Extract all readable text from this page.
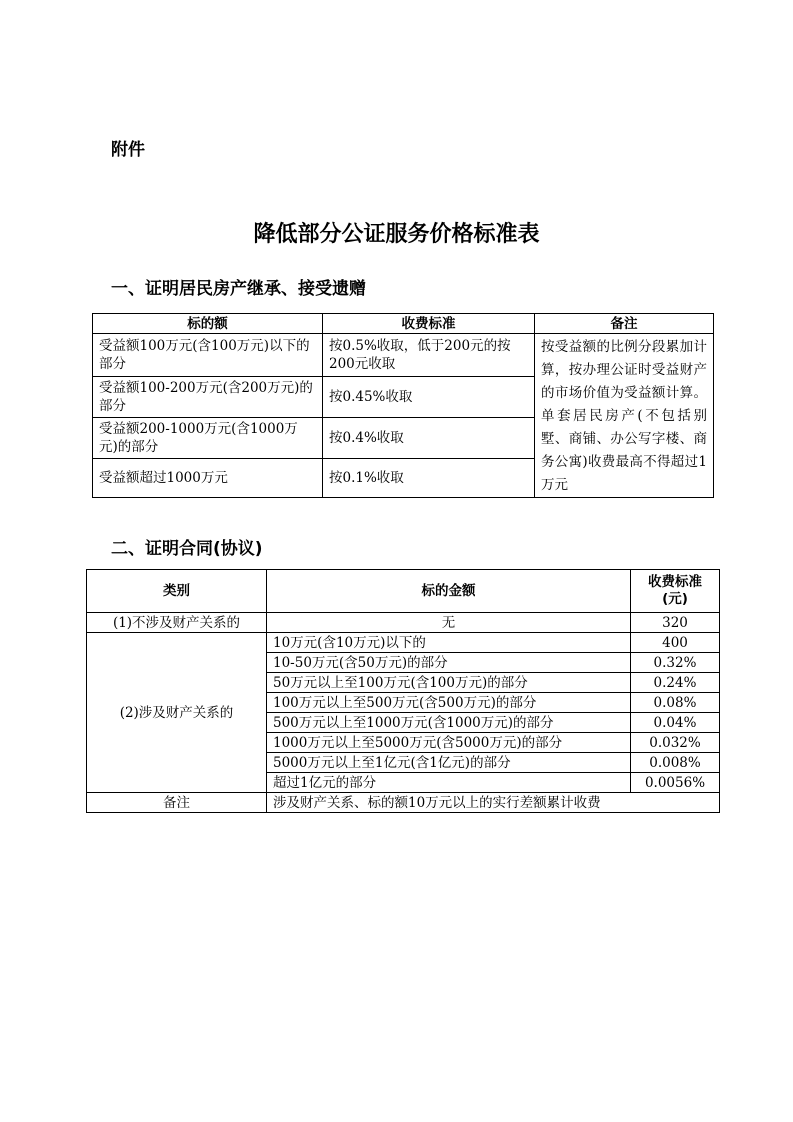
附件
降低部分公证服务价格标准表
一、证明居民房产继承、接受遗赠
标的额	收费标准	备注
受益额100万元(含100万元)以下的部分	按0.5%收取，低于200元的按200元收取	按受益额的比例分段累加计算，按办理公证时受益财产的市场价值为受益额计算。单套居民房产(不包括别墅、商铺、办公写字楼、商务公寓)收费最高不得超过1万元
受益额100-200万元(含200万元)的部分	按0.45%收取	
受益额200-1000万元(含1000万元)的部分	按0.4%收取	
受益额超过1000万元	按0.1%收取	
二、证明合同(协议)
类别	标的金额	收费标准(元)
(1)不涉及财产关系的	无	320
(2)涉及财产关系的	10万元(含10万元)以下的	400
	10-50万元(含50万元)的部分	0.32%
	50万元以上至100万元(含100万元)的部分	0.24%
	100万元以上至500万元(含500万元)的部分	0.08%
	500万元以上至1000万元(含1000万元)的部分	0.04%
	1000万元以上至5000万元(含5000万元)的部分	0.032%
	5000万元以上至1亿元(含1亿元)的部分	0.008%
	超过1亿元的部分	0.0056%
备注	涉及财产关系、标的额10万元以上的实行差额累计收费	
